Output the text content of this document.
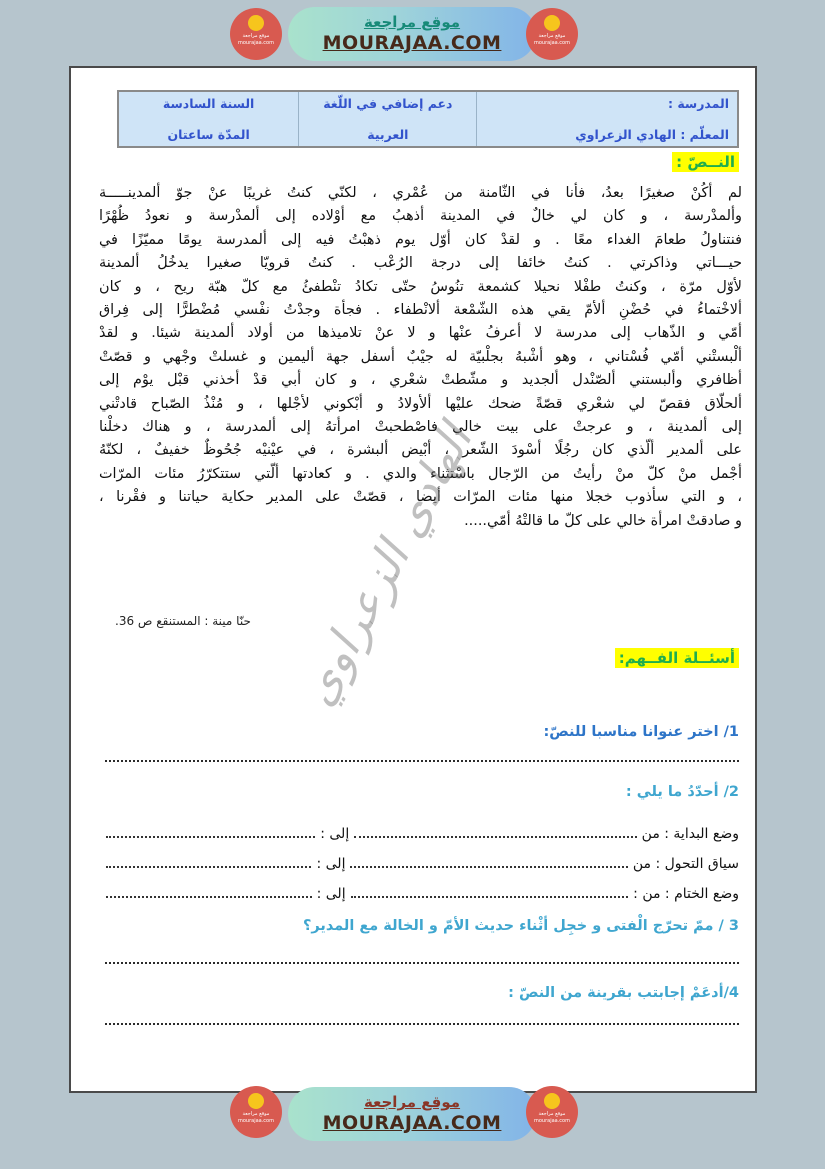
موقع مراجعة
MOURAJAA.COM
موقع مراجعة
mourajaa.com
موقع مراجعة
mourajaa.com
المدرسة :
المعلّم : الهادي الزعراوي
دعم إضافي في اللّغة
العربية
السنة السادسة
المدّة ساعتان
النــصّ :
لم أكُنْ صغيرًا بعدُ، فأنا في الثّامنة من عُمْري ، لكنّي كنتُ غريبًا عنْ جوّ ألمدينـــــة
وألمدْرسة ، و كان لي خالٌ في المدينة أذهبُ مع أوْلاده إلى ألمدْرسة و نعودُ ظُهْرًا
فنتناولُ طعامَ الغداء معًا . و لقدْ كان أوّل يوم ذهبْتُ فيه إلى ألمدرسة يومًا مميّزًا في
حيـــاتي وذاكرتي . كنتُ خائفا إلى درجة الرُعْب . كنتُ قرويّا صغيرا يدخُلُ ألمدينة
لأوّل مرّة ، وكنتُ طفْلا نحيلا كشمعة تنُوسُ حتّى تكادُ تنْطفئُ مع كلّ هبّة ريح ، و كان
ألاخْتماءُ في حُضْنِ ألأمّ يقي هذه الشّمْعة ألانْطفاء . فجأة وجدْتُ نفْسي مُضْطرًّا إلى فِراق
أمّي و الذّهاب إلى مدرسة لا أعرفُ عنْها و لا عنْ تلاميذها من أولاد ألمدينة شيئا. و لقدْ
ألْبستْني أمّي فُسْتاني ، وهو أشْبهُ بجلْبيّة له جيْبٌ أسفل جهة أليمين و غسلتْ وجْهي و قصّتْ
أظافري وألبستني ألصّنْدل ألجديد و مشّطتْ شعْري ، و كان أبي قدْ أخذني قبْل يوْم إلى
ألحلّاق فقصّ لي شعْري قصّةً ضحك عليْها ألأولادُ و أبْكوني لأجْلها ، و مُنْذُ الصّباح قادتْني
إلى ألمدينة ، و عرجتْ على بيت خالي فاصْطحبتْ امرأتهُ إلى ألمدرسة ، و هناك دخلْنا
على ألمدير ألّذي كان رجُلًا أسْودَ الشّعر ، أبْيض ألبشرة ، في عيْنيْه جُحُوظٌ خفيفٌ ، لكنّهُ
أجْمل منْ كلّ منْ رأيتُ من الرّجال باسْتثناء والدي . و كعادتها ألّتي ستتكرّرُ مئات المرّات
، و التي سأذوب خجلا منها مئات المرّات أيضا ، قصّتْ على المدير حكاية حياتنا و فقْرنا ،
و صادقتْ امرأة خالي على كلّ ما قالتْهُ أمّي.....
حنّا مينة : المستنقع ص 36. الهادي الزعراوي	أسئــلة الفــهم:
1/ اختر عنوانا مناسبا للنصّ:
2/ أحدّدُ ما يلي :
وضع البداية : من
إلى :
سياق التحول : من
إلى :
وضع الختام : من :
إلى :
3 / ممّ تحرّج الْفتى و خجِل أثْناء حديث الأمّ و الخالة مع المدير؟
4/أدعَمْ إجابتب بقرينة من النصّ :
موقع مراجعة
MOURAJAA.COM
موقع مراجعة
mourajaa.com
موقع مراجعة
mourajaa.com
